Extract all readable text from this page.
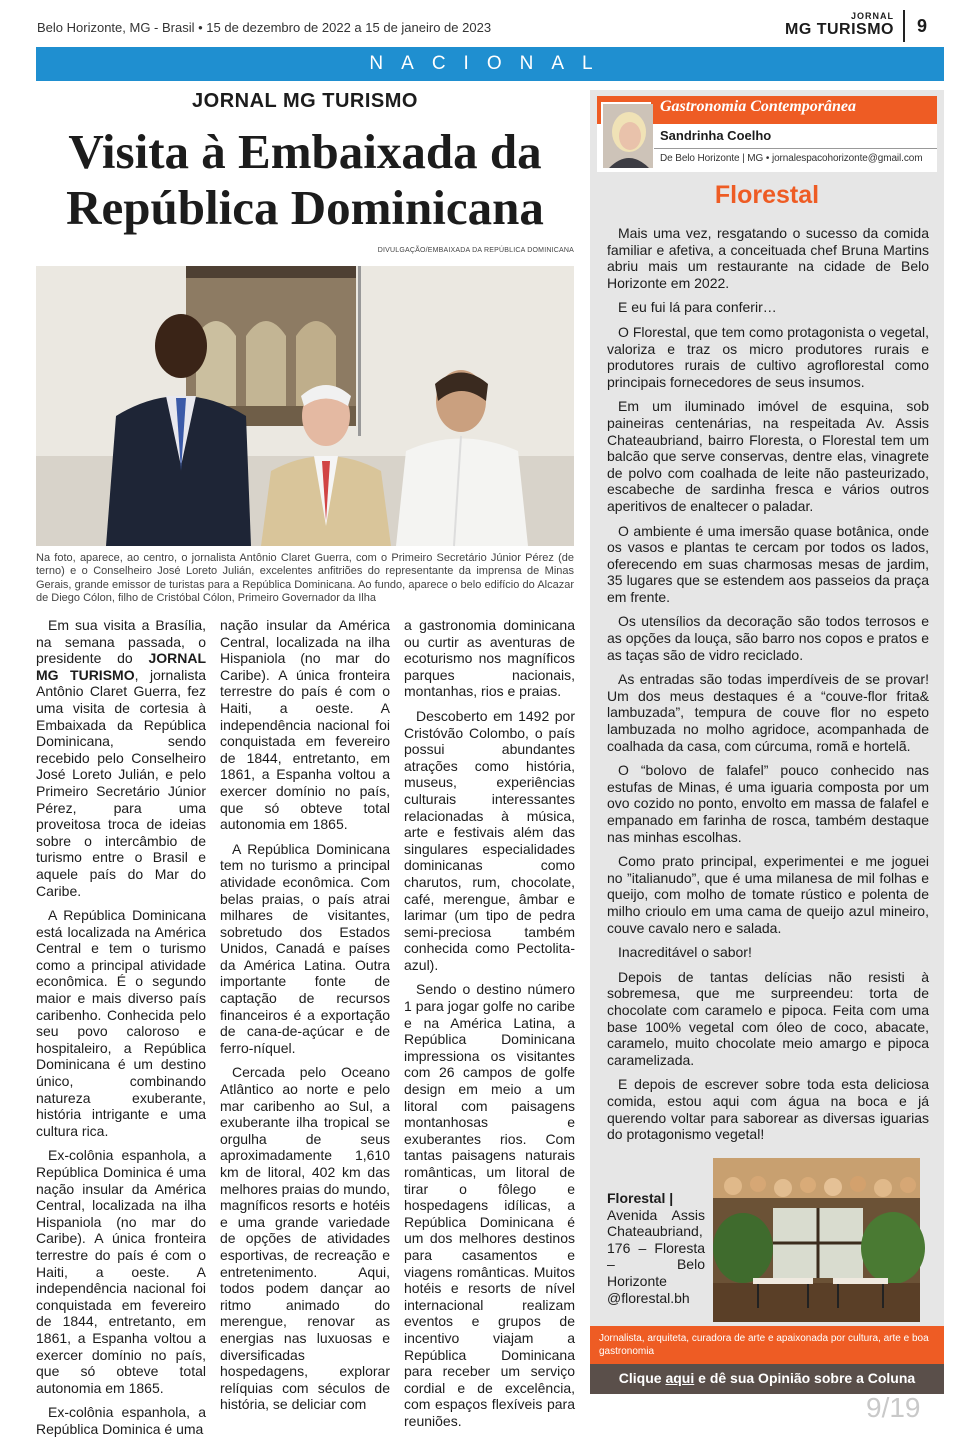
Belo Horizonte, MG - Brasil • 15 de dezembro de 2022 a 15 de janeiro de 2023
JORNAL
MG TURISMO	9
NACIONAL
JORNAL MG TURISMO
Visita à Embaixada da República Dominicana
DIVULGAÇÃO/EMBAIXADA DA REPÚBLICA DOMINICANA
Na foto, aparece, ao centro, o jornalista Antônio Claret Guerra, com o Primeiro Secretário Júnior Pérez (de terno) e o Conselheiro José Loreto Julián, excelentes anfitriões do representante da imprensa de Minas Gerais, grande emissor de turistas para a República Dominicana. Ao fundo, aparece o belo edifício do Alcazar de Diego Cólon, filho de Cristóbal Cólon, Primeiro Governador da Ilha

Em sua visita a Brasília, na semana passada, o presidente do JORNAL MG TURISMO, jornalista Antônio Claret Guerra, fez uma visita de cortesia à Embaixada da República Dominicana, sendo recebido pelo Conselheiro José Loreto Julián, e pelo Primeiro Secretário Júnior Pérez, para uma proveitosa troca de ideias sobre o intercâmbio de turismo entre o Brasil e aquele país do Mar do Caribe.

A República Dominicana está localizada na América Central e tem o turismo como a principal atividade econômica. É o segundo maior e mais diverso país caribenho. Conhecida pelo seu povo caloroso e hospitaleiro, a República Dominicana é um destino único, combinando natureza exuberante, história intrigante e uma cultura rica.

Ex-colônia espanhola, a República Dominica é uma nação insular da América Central, localizada na ilha Hispaniola (no mar do Caribe). A única fronteira terrestre do país é com o Haiti, a oeste. A independência nacional foi conquistada em fevereiro de 1844, entretanto, em 1861, a Espanha voltou a exercer domínio no país, que só obteve total autonomia em 1865.

Ex-colônia espanhola, a República Dominica é uma

nação insular da América Central, localizada na ilha Hispaniola (no mar do Caribe). A única fronteira terrestre do país é com o Haiti, a oeste. A independência nacional foi conquistada em fevereiro de 1844, entretanto, em 1861, a Espanha voltou a exercer domínio no país, que só obteve total autonomia em 1865.

A República Dominicana tem no turismo a principal atividade econômica. Com belas praias, o país atrai milhares de visitantes, sobretudo dos Estados Unidos, Canadá e países da América Latina. Outra importante fonte de captação de recursos financeiros é a exportação de cana-de-açúcar e de ferro-níquel.

Cercada pelo Oceano Atlântico ao norte e pelo mar caribenho ao Sul, a exuberante ilha tropical se orgulha de seus aproximadamente 1,610 km de litoral, 402 km das melhores praias do mundo, magníficos resorts e hotéis e uma grande variedade de opções de atividades esportivas, de recreação e entretenimento. Aqui, todos podem dançar ao ritmo animado do merengue, renovar as energias nas luxuosas e diversificadas hospedagens, explorar relíquias com séculos de história, se deliciar com

a gastronomia dominicana ou curtir as aventuras de ecoturismo nos magníficos parques nacionais, montanhas, rios e praias.

Descoberto em 1492 por Cristóvão Colombo, o país possui abundantes atrações como história, museus, experiências culturais interessantes relacionadas à música, arte e festivais além das singulares especialidades dominicanas como charutos, rum, chocolate, café, merengue, âmbar e larimar (um tipo de pedra semi-preciosa também conhecida como Pectolita-azul).

Sendo o destino número 1 para jogar golfe no caribe e na América Latina, a República Dominicana impressiona os visitantes com 26 campos de golfe design em meio a um litoral com paisagens montanhosas e exuberantes rios. Com tantas paisagens naturais românticas, um litoral de tirar o fôlego e hospedagens idílicas, a República Dominicana é um dos melhores destinos para casamentos e viagens românticas. Muitos hotéis e resorts de nível internacional realizam eventos e grupos de incentivo viajam a República Dominicana para receber um serviço cordial e de excelência, com espaços flexíveis para reuniões.

Gastronomia Contemporânea
Sandrinha Coelho
De Belo Horizonte | MG • jornalespacohorizonte@gmail.com
Florestal

Mais uma vez, resgatando o sucesso da comida familiar e afetiva, a conceituada chef Bruna Martins abriu mais um restaurante na cidade de Belo Horizonte em 2022.

E eu fui lá para conferir…

O Florestal, que tem como protagonista o vegetal, valoriza e traz os micro produtores rurais e produtores rurais de cultivo agroflorestal como principais fornecedores de seus insumos.

Em um iluminado imóvel de esquina, sob paineiras centenárias, na respeitada Av. Assis Chateaubriand, bairro Floresta, o Florestal tem um balcão que serve conservas, dentre elas, vinagrete de polvo com coalhada de leite não pasteurizado, escabeche de sardinha fresca e vários outros aperitivos de enaltecer o paladar.

O ambiente é uma imersão quase botânica, onde os vasos e plantas te cercam por todos os lados, oferecendo em suas charmosas mesas de jardim, 35 lugares que se estendem aos passeios da praça em frente.

Os utensílios da decoração são todos terrosos e as opções da louça, são barro nos copos e pratos e as taças são de vidro reciclado.

As entradas são todas imperdíveis de se provar! Um dos meus destaques é a “couve-flor frita& lambuzada”, tempura de couve flor no espeto lambuzada no molho agridoce, acompanhada de coalhada da casa, com cúrcuma, romã e hortelã.

O “bolovo de falafel” pouco conhecido nas estufas de Minas, é uma iguaria composta por um ovo cozido no ponto, envolto em massa de falafel e empanado em farinha de rosca, também destaque nas minhas escolhas.

Como prato principal, experimentei e me joguei no ”italianudo”, que é uma milanesa de mil folhas e queijo, com molho de tomate rústico e polenta de milho crioulo em uma cama de queijo azul mineiro, couve cavalo nero e salada.

Inacreditável o sabor!

Depois de tantas delícias não resisti à sobremesa, que me surpreendeu: torta de chocolate com caramelo e pipoca. Feita com uma base 100% vegetal com óleo de coco, abacate, caramelo, muito chocolate meio amargo e pipoca caramelizada.

E depois de escrever sobre toda esta deliciosa comida, estou aqui com água na boca e já querendo voltar para saborear as diversas iguarias do protagonismo vegetal!

Florestal |
Avenida Assis Chateaubriand, 176 – Floresta – Belo Horizonte @florestal.bh
Jornalista, arquiteta, curadora de arte e apaixonada por cultura, arte e boa gastronomia
Clique aqui e dê sua Opinião sobre a Coluna
9/19
